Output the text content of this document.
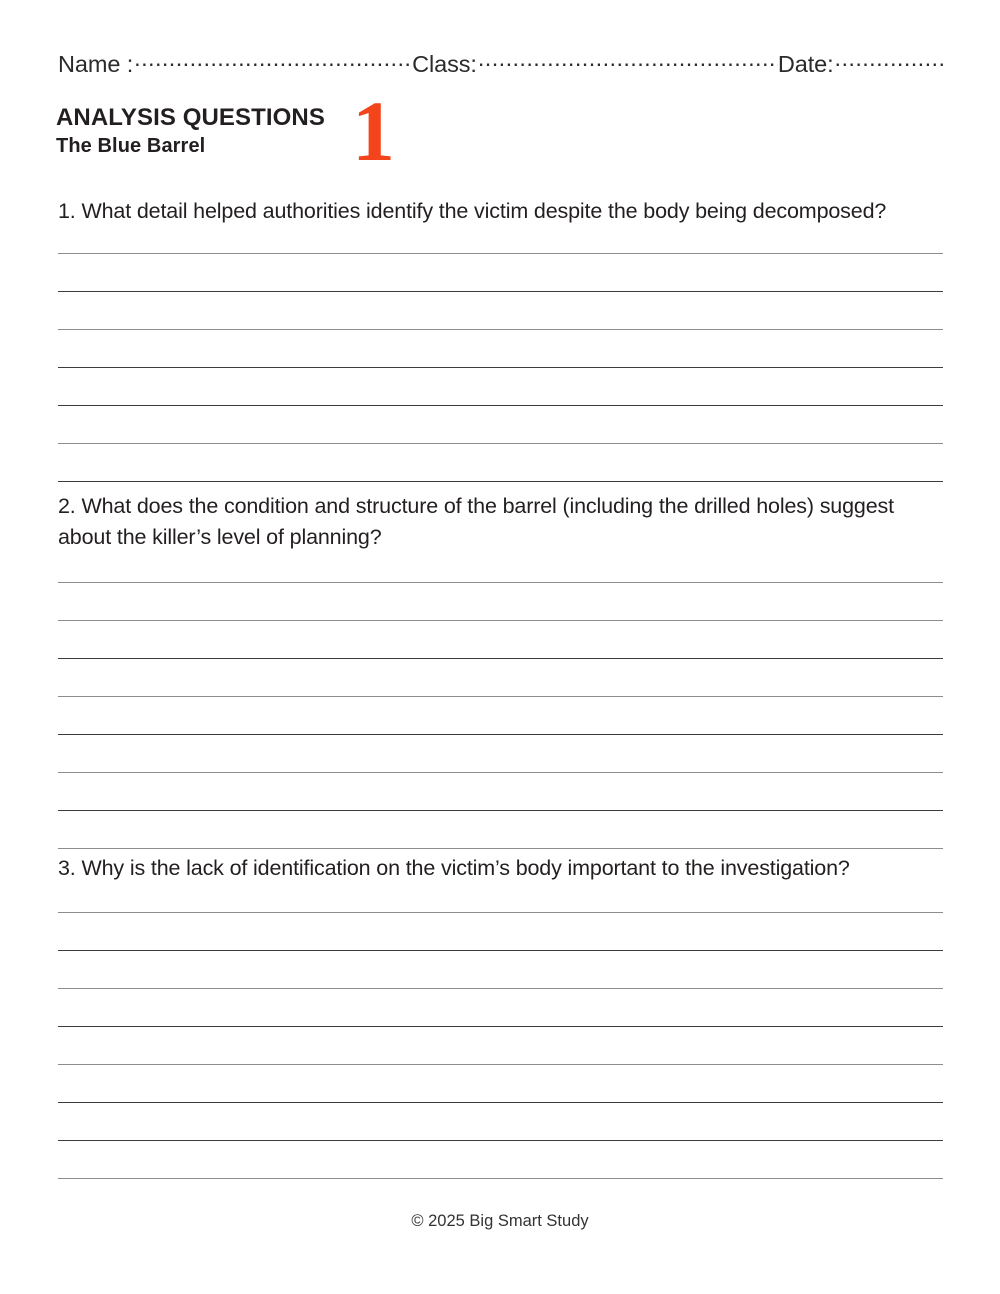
Name : .....	Class: .....	Date:
.....

ANALYSIS QUESTIONS

The Blue Barrel	1

1. What detail helped authorities identify the victim despite the body being decomposed?

2. What does the condition and structure of the barrel (including the drilled holes) suggest about the killer’s level of planning?

3. Why is the lack of identification on the victim’s body important to the investigation?

© 2025 Big Smart Study
